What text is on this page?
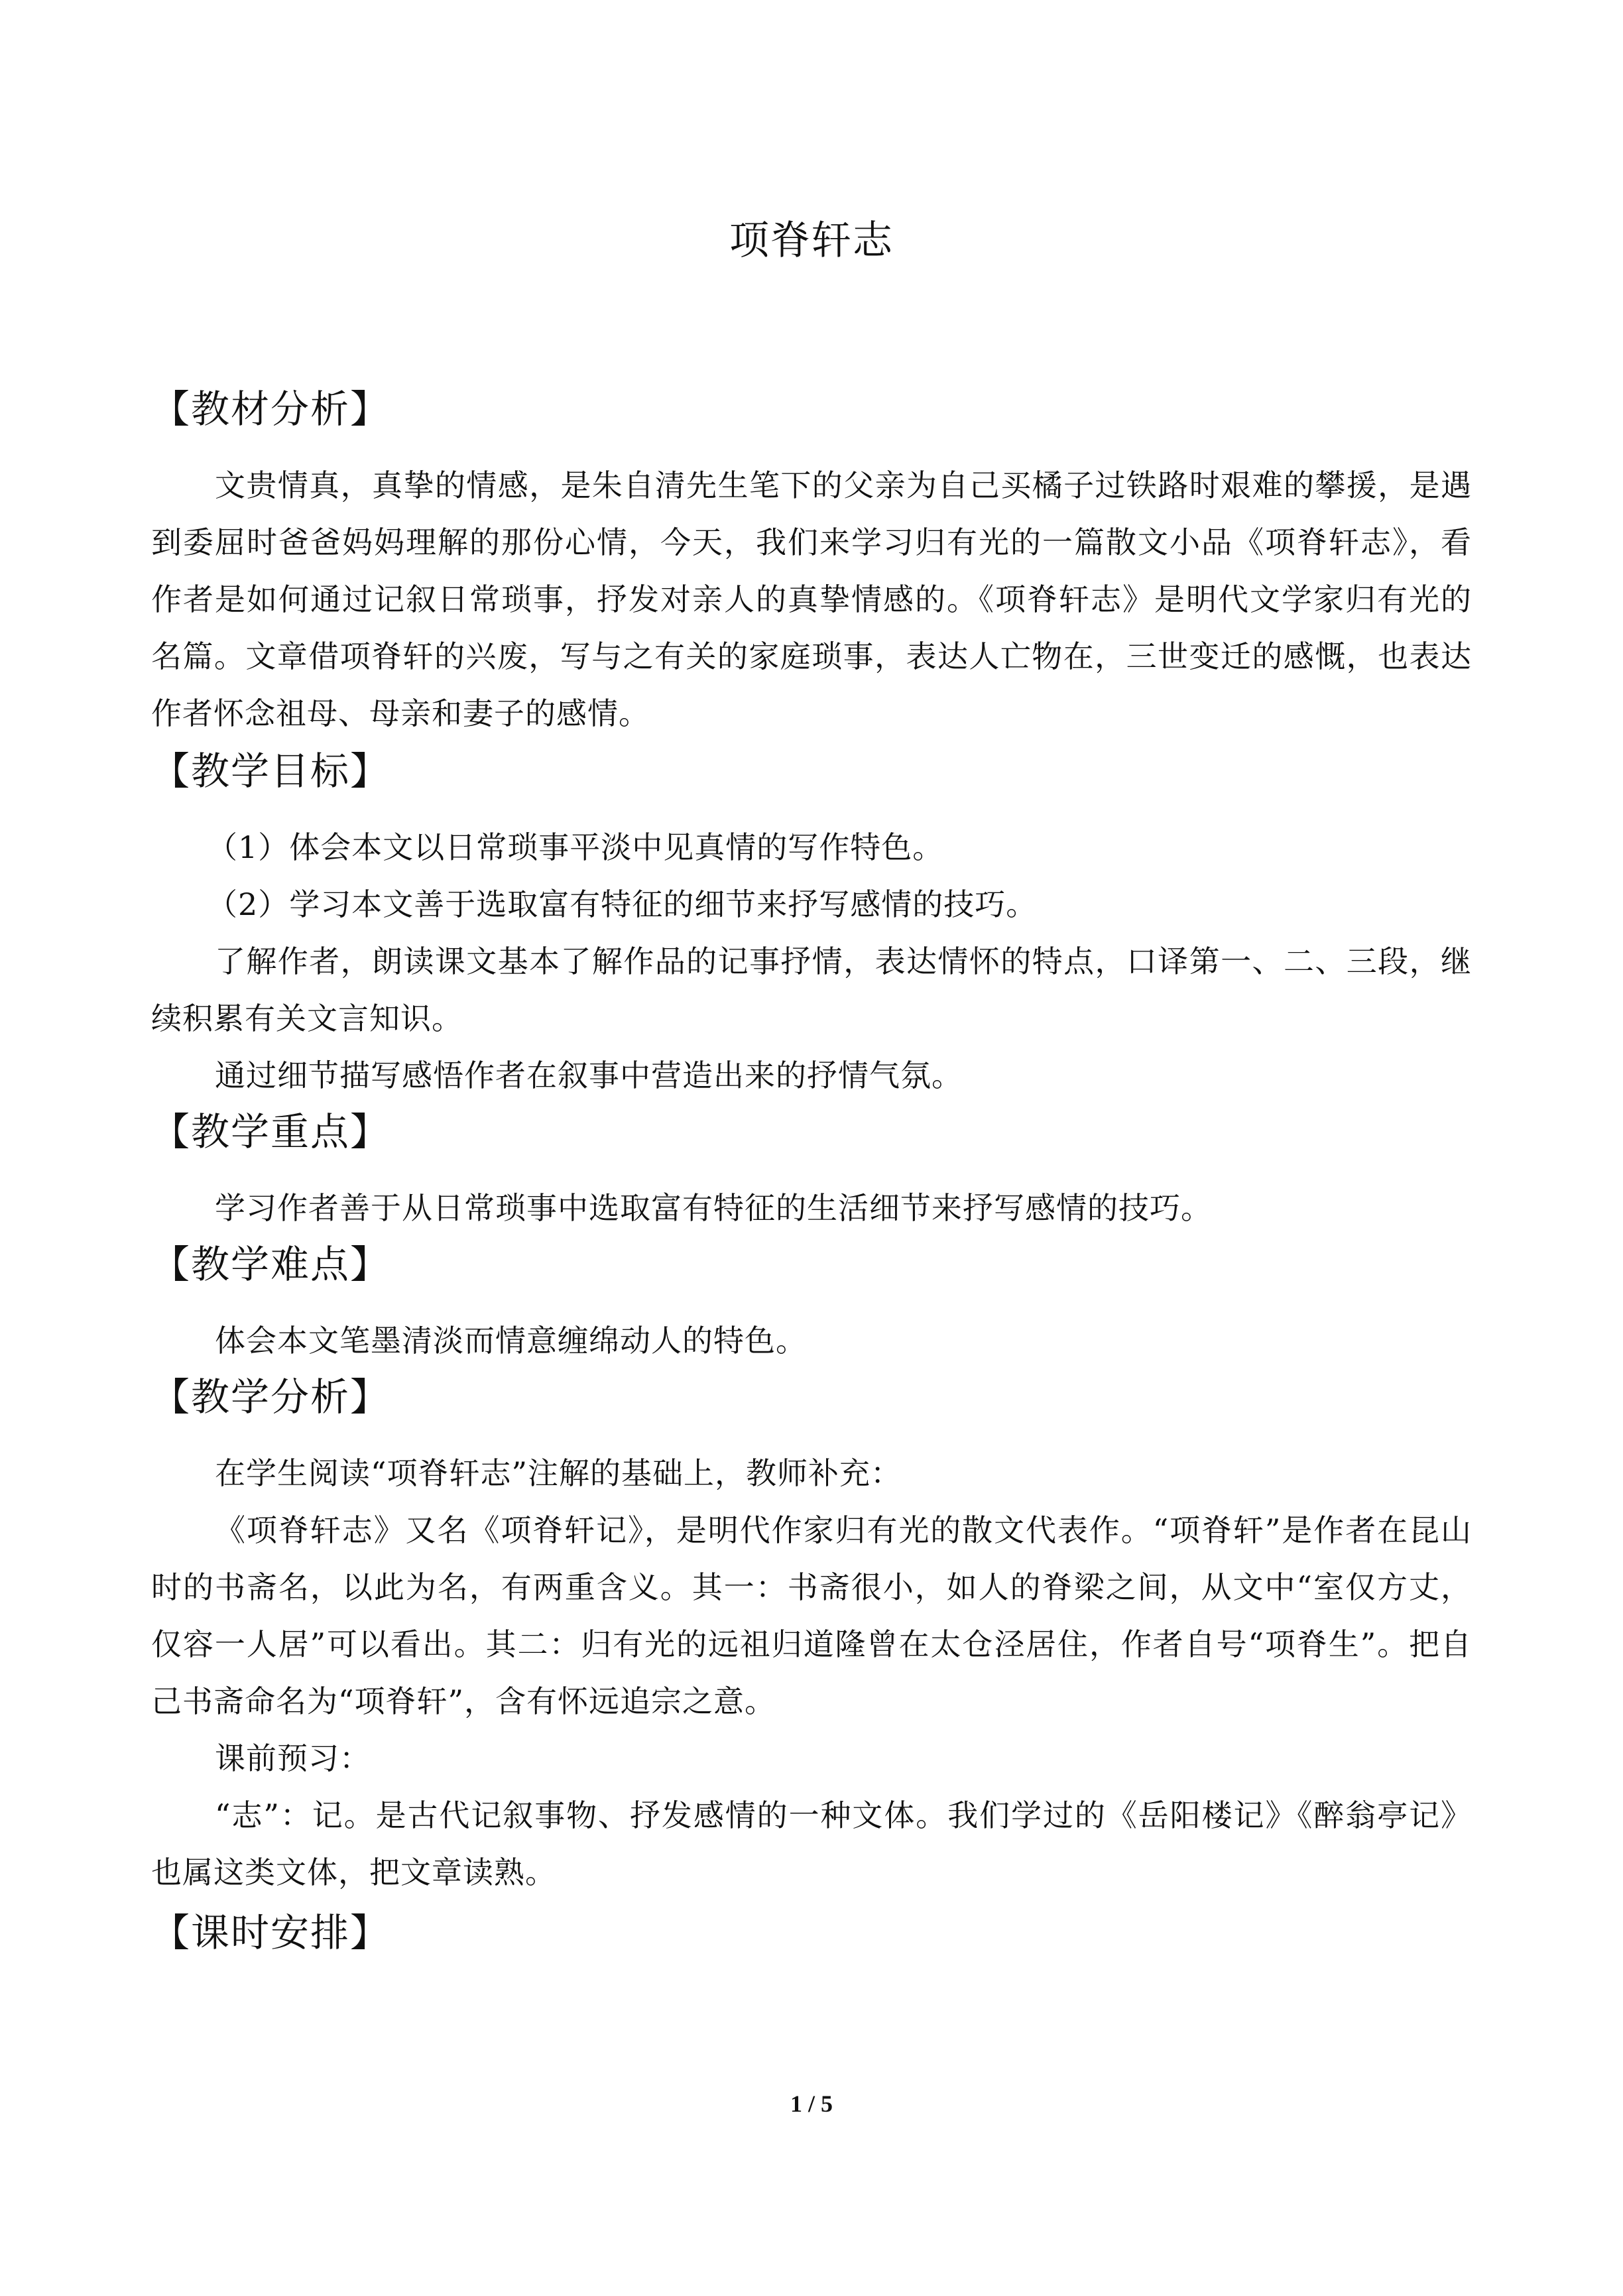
项脊轩志
【教材分析】

文贵情真，真挚的情感，是朱自清先生笔下的父亲为自己买橘子过铁路时艰难的攀援，是遇到委屈时爸爸妈妈理解的那份心情，今天，我们来学习归有光的一篇散文小品《项脊轩志》，看作者是如何通过记叙日常琐事，抒发对亲人的真挚情感的。《项脊轩志》是明代文学家归有光的名篇。文章借项脊轩的兴废，写与之有关的家庭琐事，表达人亡物在，三世变迁的感慨，也表达作者怀念祖母、母亲和妻子的感情。

【教学目标】

（1）体会本文以日常琐事平淡中见真情的写作特色。

（2）学习本文善于选取富有特征的细节来抒写感情的技巧。

了解作者，朗读课文基本了解作品的记事抒情，表达情怀的特点，口译第一、二、三段，继续积累有关文言知识。

通过细节描写感悟作者在叙事中营造出来的抒情气氛。

【教学重点】

学习作者善于从日常琐事中选取富有特征的生活细节来抒写感情的技巧。

【教学难点】

体会本文笔墨清淡而情意缠绵动人的特色。

【教学分析】

在学生阅读“项脊轩志”注解的基础上，教师补充：

《项脊轩志》又名《项脊轩记》，是明代作家归有光的散文代表作。“项脊轩”是作者在昆山时的书斋名，以此为名，有两重含义。其一：书斋很小，如人的脊梁之间，从文中“室仅方丈，仅容一人居”可以看出。其二：归有光的远祖归道隆曾在太仓泾居住，作者自号“项脊生”。把自己书斋命名为“项脊轩”，含有怀远追宗之意。

课前预习：

“志”：记。是古代记叙事物、抒发感情的一种文体。我们学过的《岳阳楼记》《醉翁亭记》也属这类文体，把文章读熟。

【课时安排】
1 / 5
